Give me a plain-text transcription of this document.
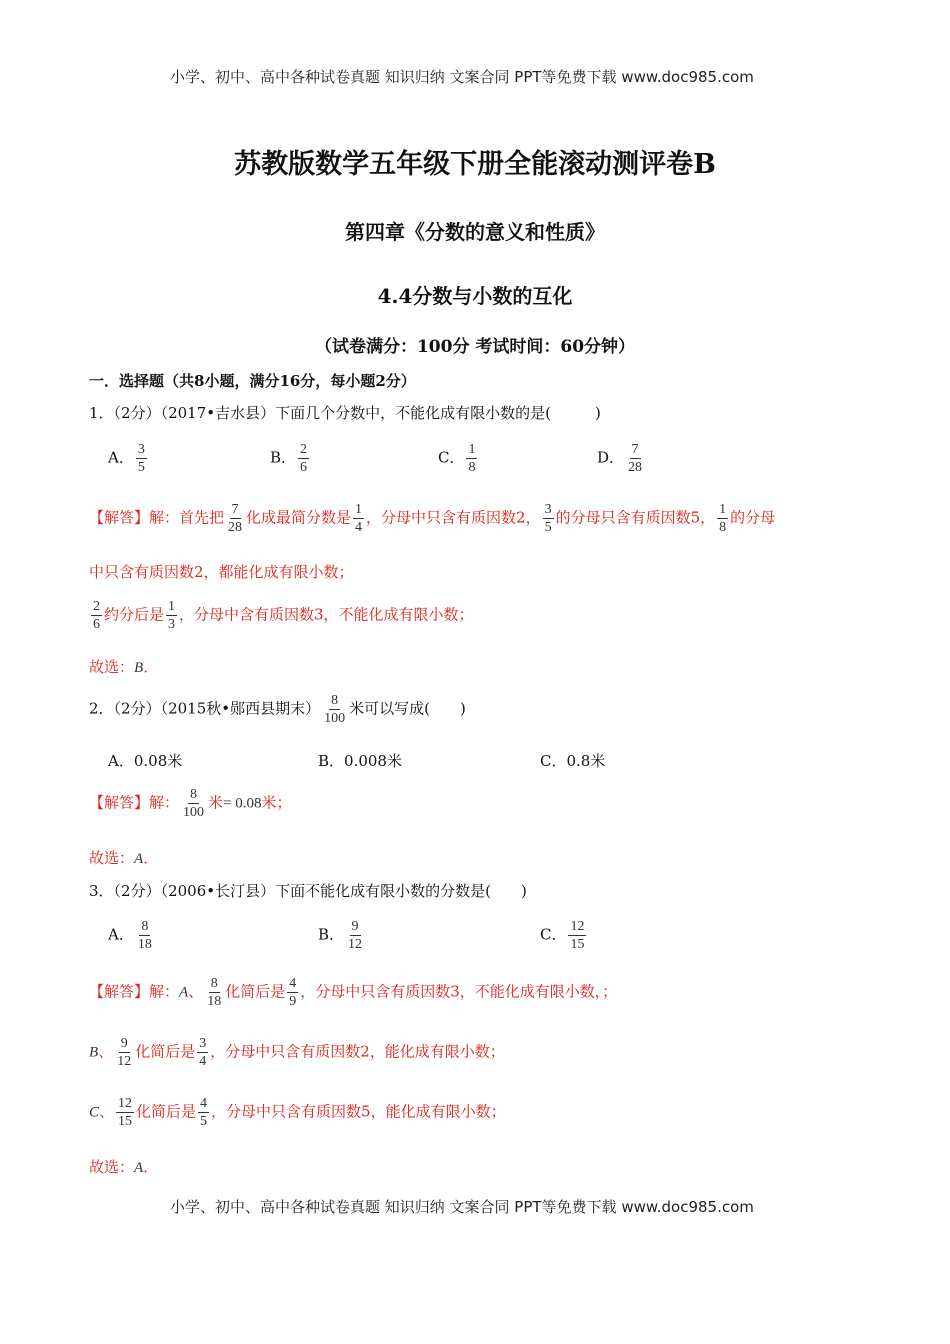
小学、初中、高中各种试卷真题 知识归纳 文案合同 PPT等免费下载 www.doc985.com
苏教版数学五年级下册全能滚动测评卷B
第四章《分数的意义和性质》
4.4分数与小数的互化
（试卷满分：100分 考试时间：60分钟）
一．选择题（共8小题，满分16分，每小题2分）
1．（2分）（2017•吉水县）下面几个分数中，不能化成有限小数的是(	)
A． $\frac{3}{5}$	B． $\frac{2}{6}$	C． $\frac{1}{8}$	D． $\frac{7}{28}$
【解答】解：首先把 $\frac{7}{28}$ 化成最简分数是 $\frac{1}{4}$ ，分母中只含有质因数2， $\frac{3}{5}$ 的分母只含有质因数5， $\frac{1}{8}$ 的分母
中只含有质因数2，都能化成有限小数；
$\frac{2}{6}$ 约分后是 $\frac{1}{3}$ ，分母中含有质因数3，不能化成有限小数；
故选：B．
2．（2分）（2015秋•郧西县期末） $\frac{8}{100}$ 米可以写成( )
A．0.08米	B．0.008米	C．0.8米
【解答】解： $\frac{8}{100}$ 米= 0.08米；
故选：A．
3．（2分）（2006•长汀县）下面不能化成有限小数的分数是( )
A． $\frac{8}{18}$	B． $\frac{9}{12}$	C． $\frac{12}{15}$
【解答】解：A、 $\frac{8}{18}$ 化简后是 $\frac{4}{9}$ ，分母中只含有质因数3，不能化成有限小数，；
B、 $\frac{9}{12}$ 化简后是 $\frac{3}{4}$ ，分母中只含有质因数2，能化成有限小数；
C、 $\frac{12}{15}$ 化简后是 $\frac{4}{5}$ ，分母中只含有质因数5，能化成有限小数；
故选：A．
小学、初中、高中各种试卷真题 知识归纳 文案合同 PPT等免费下载 www.doc985.com
